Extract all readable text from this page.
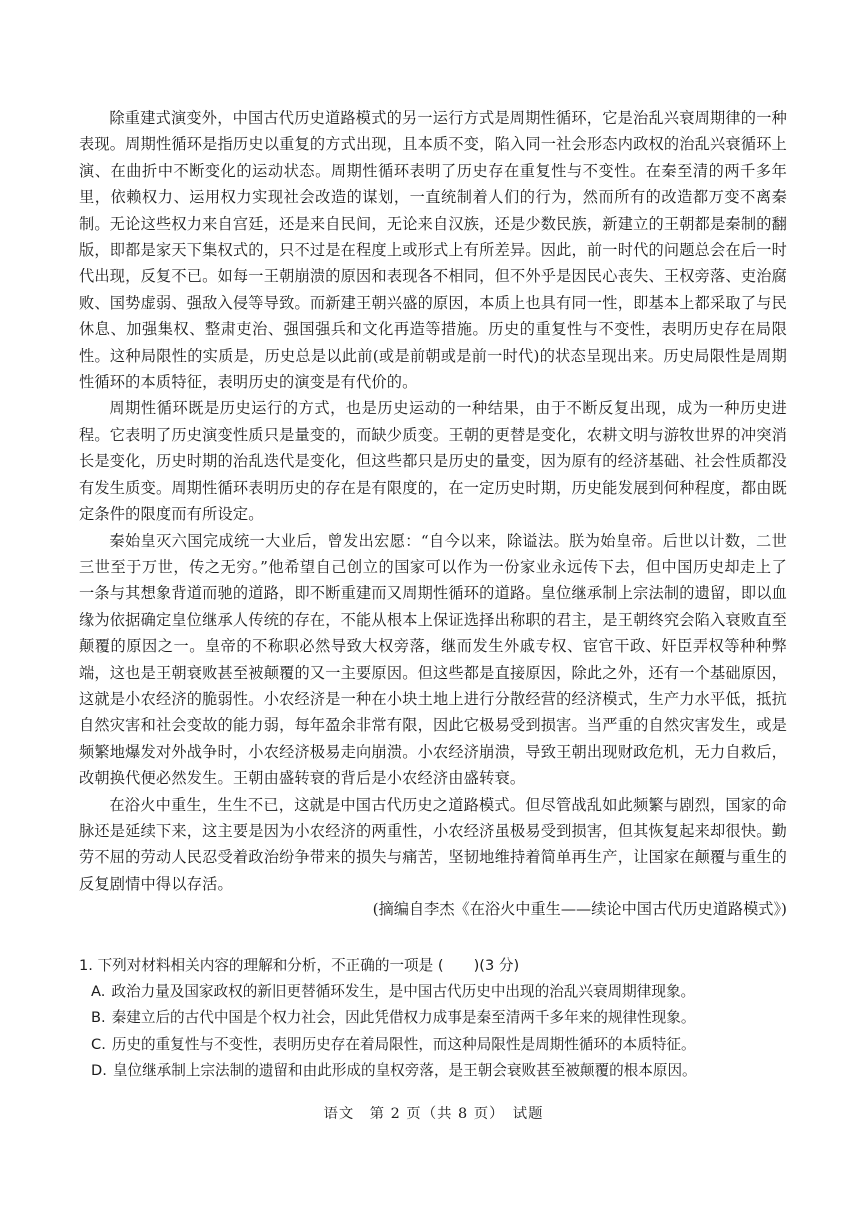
除重建式演变外，中国古代历史道路模式的另一运行方式是周期性循环，它是治乱兴衰周期律的一种表现。周期性循环是指历史以重复的方式出现，且本质不变，陷入同一社会形态内政权的治乱兴衰循环上演、在曲折中不断变化的运动状态。周期性循环表明了历史存在重复性与不变性。在秦至清的两千多年里，依赖权力、运用权力实现社会改造的谋划，一直统制着人们的行为，然而所有的改造都万变不离秦制。无论这些权力来自宫廷，还是来自民间，无论来自汉族，还是少数民族，新建立的王朝都是秦制的翻版，即都是家天下集权式的，只不过是在程度上或形式上有所差异。因此，前一时代的问题总会在后一时代出现，反复不已。如每一王朝崩溃的原因和表现各不相同，但不外乎是因民心丧失、王权旁落、吏治腐败、国势虚弱、强敌入侵等导致。而新建王朝兴盛的原因，本质上也具有同一性，即基本上都采取了与民休息、加强集权、整肃吏治、强国强兵和文化再造等措施。历史的重复性与不变性，表明历史存在局限性。这种局限性的实质是，历史总是以此前(或是前朝或是前一时代)的状态呈现出来。历史局限性是周期性循环的本质特征，表明历史的演变是有代价的。

周期性循环既是历史运行的方式，也是历史运动的一种结果，由于不断反复出现，成为一种历史进程。它表明了历史演变性质只是量变的，而缺少质变。王朝的更替是变化，农耕文明与游牧世界的冲突消长是变化，历史时期的治乱迭代是变化，但这些都只是历史的量变，因为原有的经济基础、社会性质都没有发生质变。周期性循环表明历史的存在是有限度的，在一定历史时期，历史能发展到何种程度，都由既定条件的限度而有所设定。

秦始皇灭六国完成统一大业后，曾发出宏愿：“自今以来，除谥法。朕为始皇帝。后世以计数，二世三世至于万世，传之无穷。”他希望自己创立的国家可以作为一份家业永远传下去，但中国历史却走上了一条与其想象背道而驰的道路，即不断重建而又周期性循环的道路。皇位继承制上宗法制的遗留，即以血缘为依据确定皇位继承人传统的存在，不能从根本上保证选择出称职的君主，是王朝终究会陷入衰败直至颠覆的原因之一。皇帝的不称职必然导致大权旁落，继而发生外戚专权、宦官干政、奸臣弄权等种种弊端，这也是王朝衰败甚至被颠覆的又一主要原因。但这些都是直接原因，除此之外，还有一个基础原因，这就是小农经济的脆弱性。小农经济是一种在小块土地上进行分散经营的经济模式，生产力水平低，抵抗自然灾害和社会变故的能力弱，每年盈余非常有限，因此它极易受到损害。当严重的自然灾害发生，或是频繁地爆发对外战争时，小农经济极易走向崩溃。小农经济崩溃，导致王朝出现财政危机，无力自救后，改朝换代便必然发生。王朝由盛转衰的背后是小农经济由盛转衰。

在浴火中重生，生生不已，这就是中国古代历史之道路模式。但尽管战乱如此频繁与剧烈，国家的命脉还是延续下来，这主要是因为小农经济的两重性，小农经济虽极易受到损害，但其恢复起来却很快。勤劳不屈的劳动人民忍受着政治纷争带来的损失与痛苦，坚韧地维持着简单再生产，让国家在颠覆与重生的反复剧情中得以存活。

(摘编自李杰《在浴火中重生——续论中国古代历史道路模式》)

1. 下列对材料相关内容的理解和分析，不正确的一项是 ( )(3 分)

A. 政治力量及国家政权的新旧更替循环发生，是中国古代历史中出现的治乱兴衰周期律现象。
B. 秦建立后的古代中国是个权力社会，因此凭借权力成事是秦至清两千多年来的规律性现象。
C. 历史的重复性与不变性，表明历史存在着局限性，而这种局限性是周期性循环的本质特征。
D. 皇位继承制上宗法制的遗留和由此形成的皇权旁落，是王朝会衰败甚至被颠覆的根本原因。
语文　第 2 页（共 8 页）　试题
